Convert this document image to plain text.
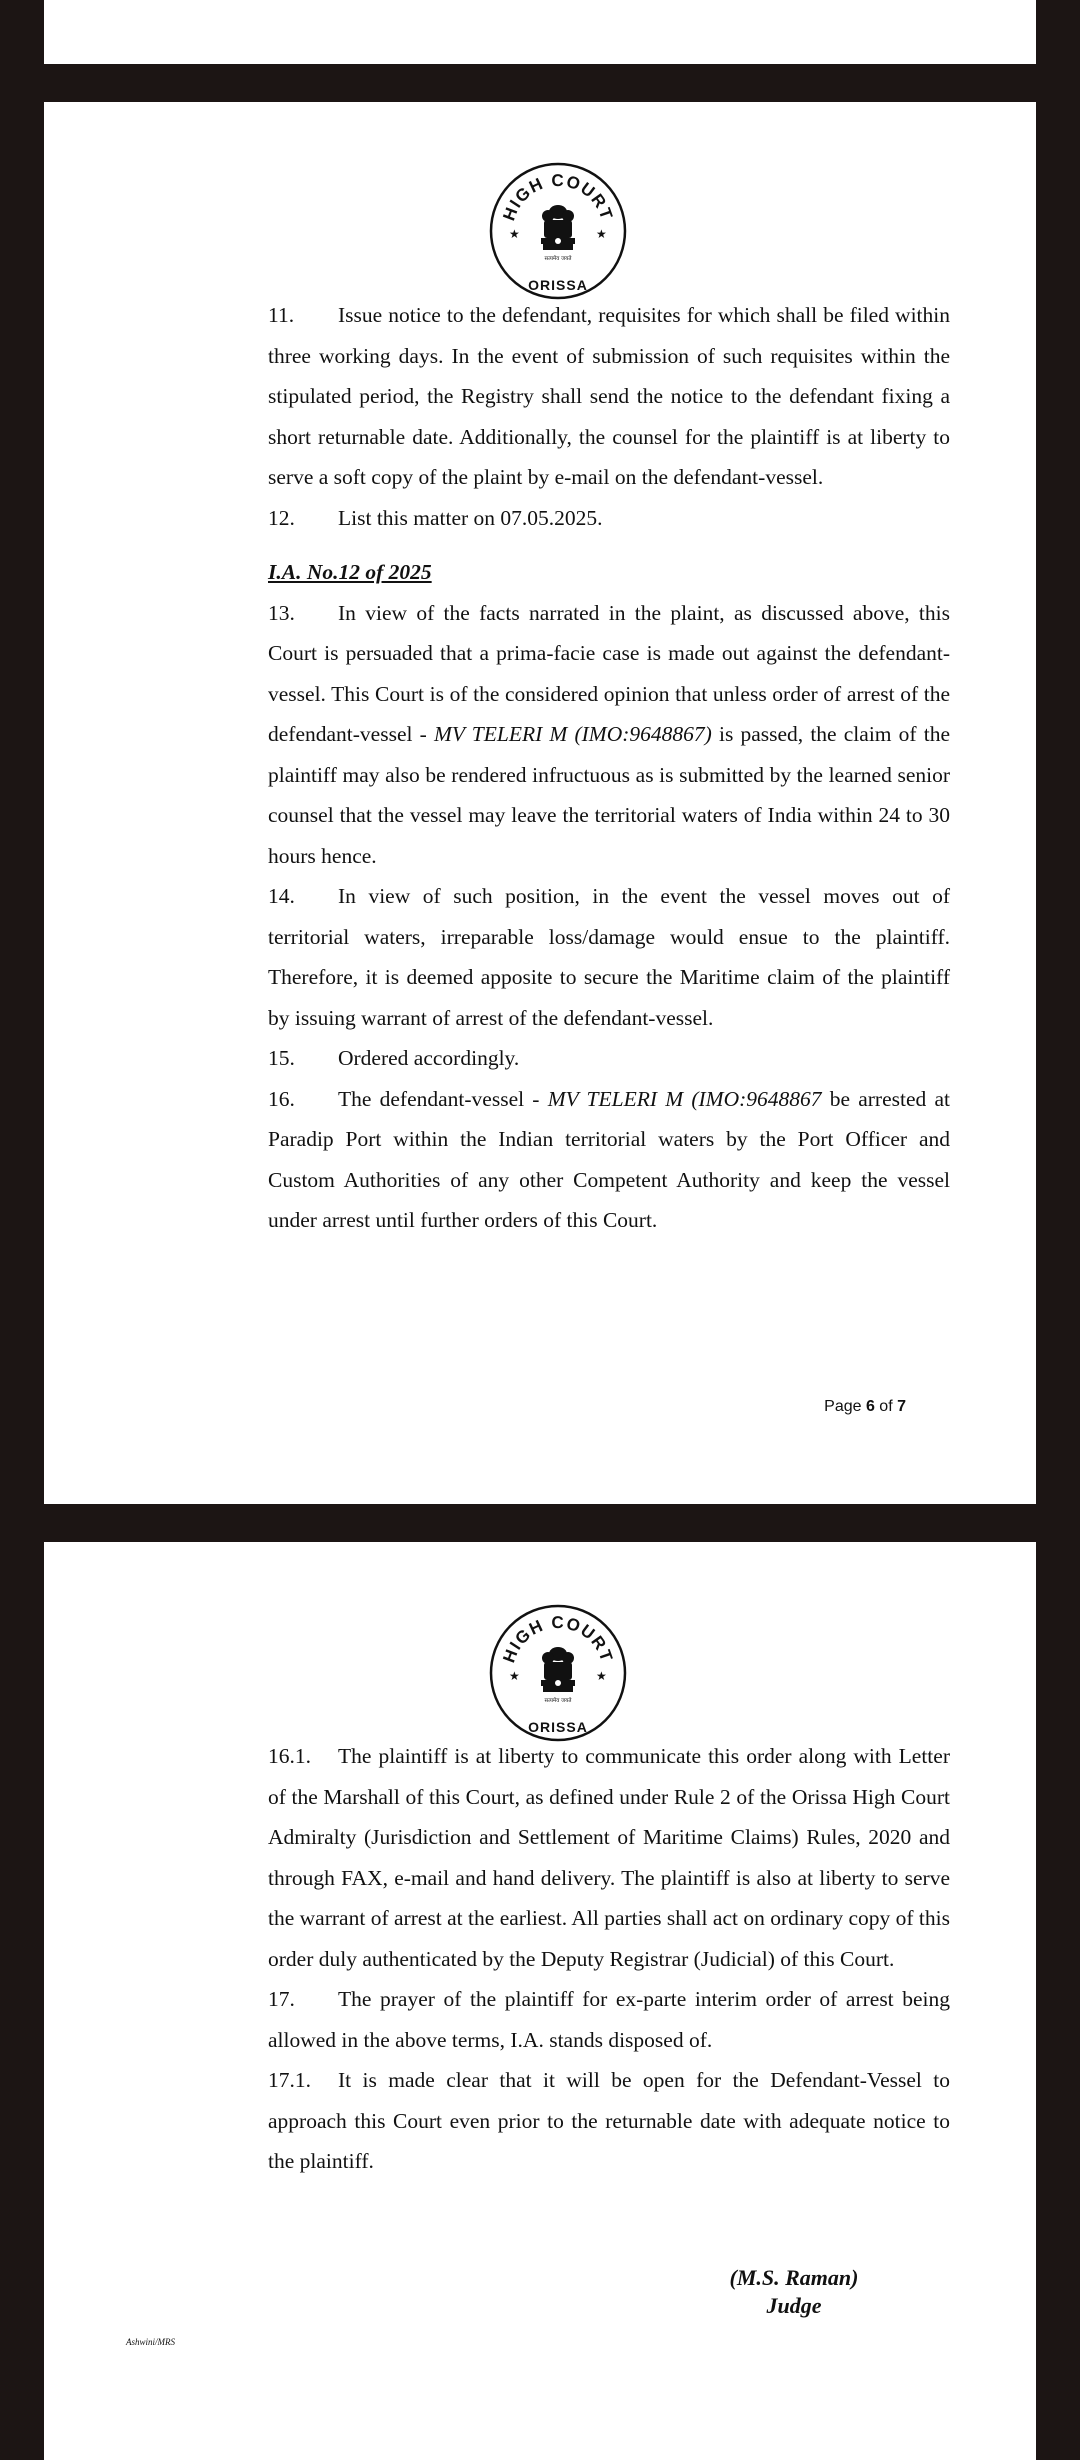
HIGH COURT
ORISSA
★	★
सत्यमेव जयते

11. Issue notice to the defendant, requisites for which shall be filed within three working days. In the event of submission of such requisites within the stipulated period, the Registry shall send the notice to the defendant fixing a short returnable date. Additionally, the counsel for the plaintiff is at liberty to serve a soft copy of the plaint by e-mail on the defendant-vessel.

12. List this matter on 07.05.2025.

I.A. No.12 of 2025

13. In view of the facts narrated in the plaint, as discussed above, this Court is persuaded that a prima-facie case is made out against the defendant-vessel. This Court is of the considered opinion that unless order of arrest of the defendant-vessel - MV TELERI M (IMO:9648867) is passed, the claim of the plaintiff may also be rendered infructuous as is submitted by the learned senior counsel that the vessel may leave the territorial waters of India within 24 to 30 hours hence.

14. In view of such position, in the event the vessel moves out of territorial waters, irreparable loss/damage would ensue to the plaintiff. Therefore, it is deemed apposite to secure the Maritime claim of the plaintiff by issuing warrant of arrest of the defendant-vessel.

15. Ordered accordingly.

16. The defendant-vessel - MV TELERI M (IMO:9648867 be arrested at Paradip Port within the Indian territorial waters by the Port Officer and Custom Authorities of any other Competent Authority and keep the vessel under arrest until further orders of this Court.

Page 6 of 7
HIGH COURT
ORISSA
★	★
सत्यमेव जयते

16.1. The plaintiff is at liberty to communicate this order along with Letter of the Marshall of this Court, as defined under Rule 2 of the Orissa High Court Admiralty (Jurisdiction and Settlement of Maritime Claims) Rules, 2020 and through FAX, e-mail and hand delivery. The plaintiff is also at liberty to serve the warrant of arrest at the earliest. All parties shall act on ordinary copy of this order duly authenticated by the Deputy Registrar (Judicial) of this Court.

17. The prayer of the plaintiff for ex-parte interim order of arrest being allowed in the above terms, I.A. stands disposed of.

17.1. It is made clear that it will be open for the Defendant-Vessel to approach this Court even prior to the returnable date with adequate notice to the plaintiff.

(M.S. Raman)
Judge
Ashwini/MRS
